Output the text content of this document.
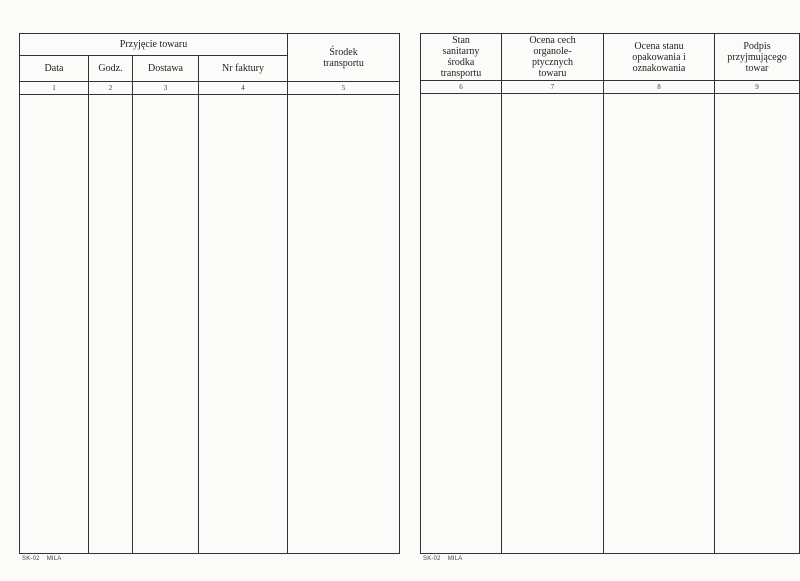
Przyjęcie towaru				Środek transportu
Data	Godz.	Dostawa	Nr faktury	
1	2	3	4	5

SK-02 MILA
Stan sanitarny środka transportu	Ocena cech organole-ptycznych towaru	Ocena stanu opakowania i oznakowania	Podpis przyjmującego towar
6	7	8	9

SK-02 MILA
